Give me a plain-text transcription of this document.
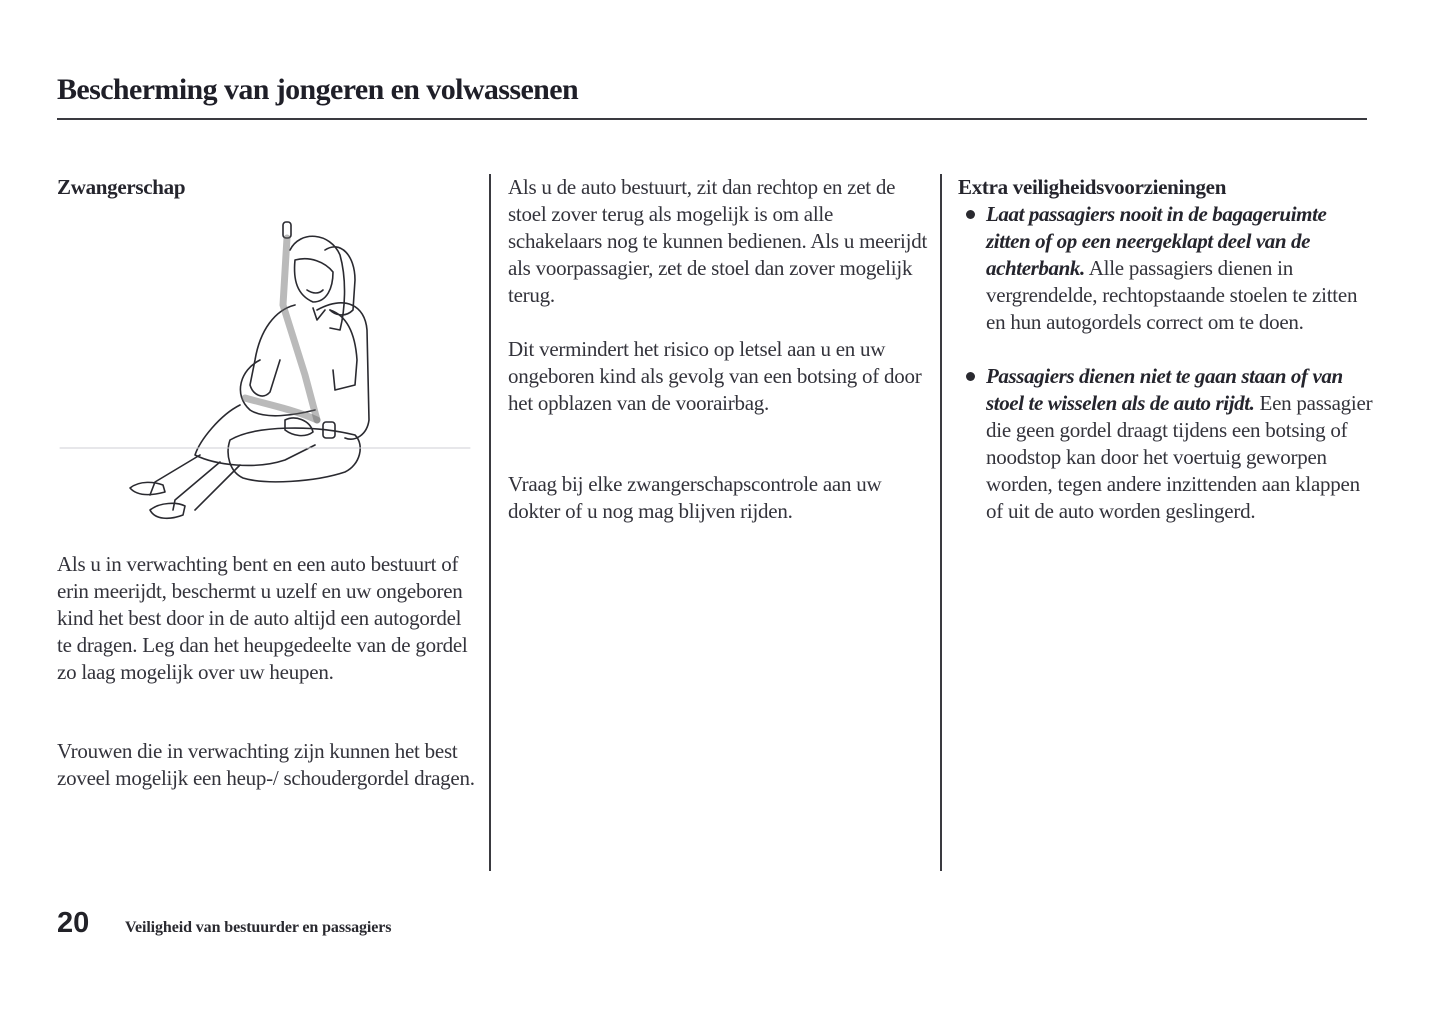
Bescherming van jongeren en volwassenen
Zwangerschap

Als u in verwachting bent en een auto bestuurt of erin meerijdt, beschermt u uzelf en uw ongeboren kind het best door in de auto altijd een autogordel te dragen. Leg dan het heupgedeelte van de gordel zo laag mogelijk over uw heupen.

Vrouwen die in verwachting zijn kunnen het best zoveel mogelijk een heup-/ schoudergordel dragen.

Als u de auto bestuurt, zit dan rechtop en zet de stoel zover terug als mogelijk is om alle schakelaars nog te kunnen bedienen. Als u meerijdt als voorpassagier, zet de stoel dan zover mogelijk terug.

Dit vermindert het risico op letsel aan u en uw ongeboren kind als gevolg van een botsing of door het opblazen van de voorairbag.

Vraag bij elke zwangerschapscontrole aan uw dokter of u nog mag blijven rijden.

Extra veiligheidsvoorzieningen
Laat passagiers nooit in de bagageruimte zitten of op een neergeklapt deel van de achterbank. Alle passagiers dienen in vergrendelde, rechtopstaande stoelen te zitten en hun autogordels correct om te doen.
Passagiers dienen niet te gaan staan of van stoel te wisselen als de auto rijdt. Een passagier die geen gordel draagt tijdens een botsing of noodstop kan door het voertuig geworpen worden, tegen andere inzittenden aan klappen of uit de auto worden geslingerd.
20 Veiligheid van bestuurder en passagiers
